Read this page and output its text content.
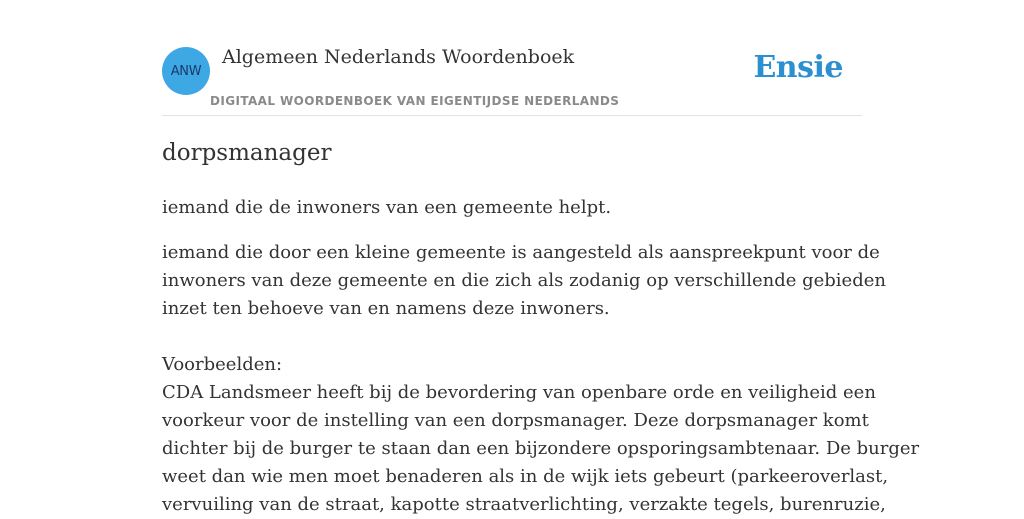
ANW
Algemeen Nederlands Woordenboek
DIGITAAL WOORDENBOEK VAN EIGENTIJDSE NEDERLANDS
Ensie
dorpsmanager

iemand die de inwoners van een gemeente helpt.

iemand die door een kleine gemeente is aangesteld als aanspreekpunt voor de
inwoners van deze gemeente en die zich als zodanig op verschillende gebieden
inzet ten behoeve van en namens deze inwoners.
Voorbeelden:
CDA Landsmeer heeft bij de bevordering van openbare orde en veiligheid een
voorkeur voor de instelling van een dorpsmanager. Deze dorpsmanager komt
dichter bij de burger te staan dan een bijzondere opsporingsambtenaar. De burger
weet dan wie men moet benaderen als in de wijk iets gebeurt (parkeeroverlast,
vervuiling van de straat, kapotte straatverlichting, verzakte tegels, burenruzie,
